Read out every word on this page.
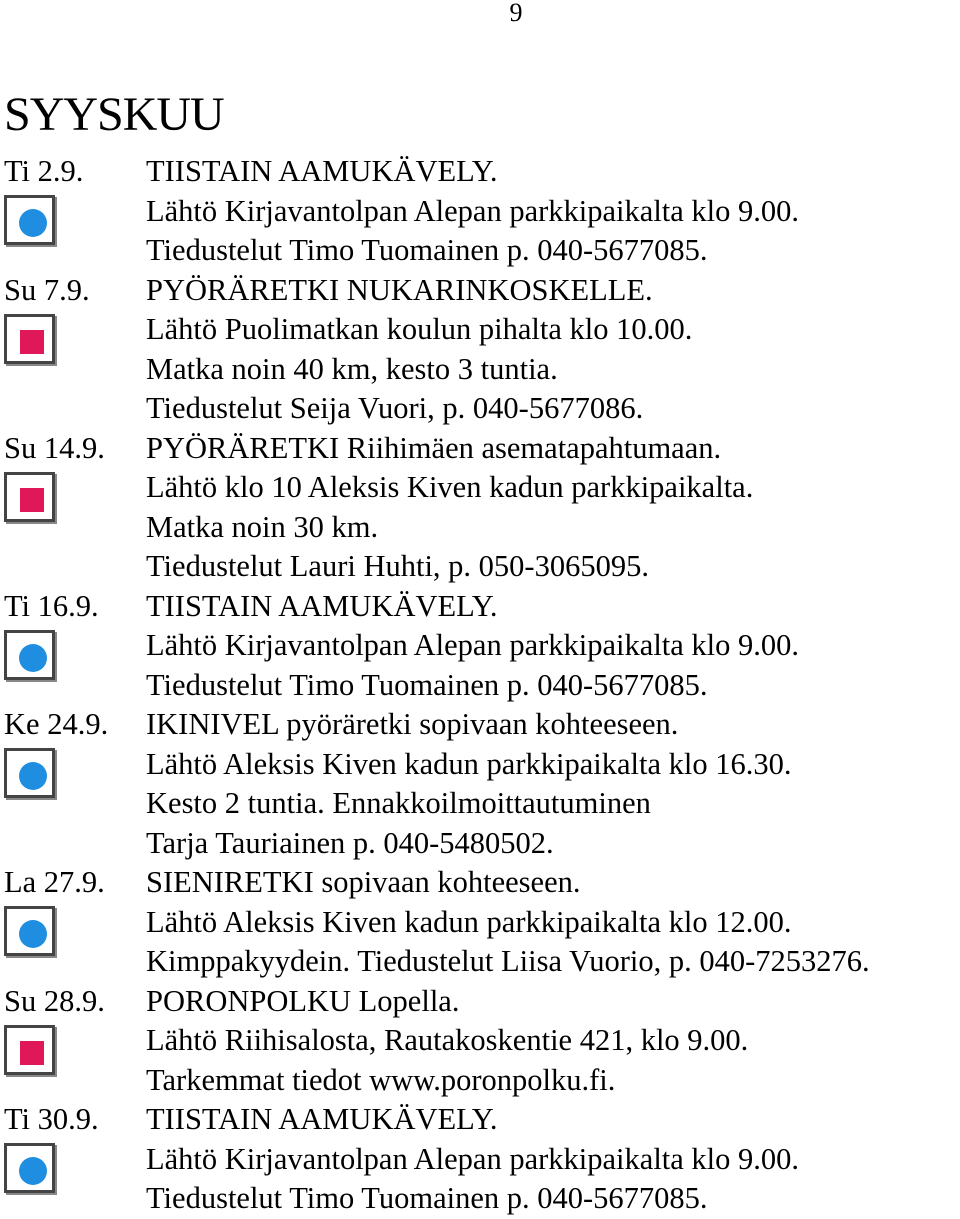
9
SYYSKUU
Ti 2.9. TIISTAIN AAMUKÄVELY.
Lähtö Kirjavantolpan Alepan parkkipaikalta klo 9.00.
Tiedustelut Timo Tuomainen p. 040-5677085.
Su 7.9. PYÖRÄRETKI NUKARINKOSKELLE.
Lähtö Puolimatkan koulun pihalta klo 10.00.
Matka noin 40 km, kesto 3 tuntia.
Tiedustelut Seija Vuori, p. 040-5677086.
Su 14.9. PYÖRÄRETKI Riihimäen asematapahtumaan.
Lähtö klo 10 Aleksis Kiven kadun parkkipaikalta.
Matka noin 30 km.
Tiedustelut Lauri Huhti, p. 050-3065095.
Ti 16.9. TIISTAIN AAMUKÄVELY.
Lähtö Kirjavantolpan Alepan parkkipaikalta klo 9.00.
Tiedustelut Timo Tuomainen p. 040-5677085.
Ke 24.9. IKINIVEL pyöräretki sopivaan kohteeseen.
Lähtö Aleksis Kiven kadun parkkipaikalta klo 16.30.
Kesto 2 tuntia. Ennakkoilmoittautuminen
Tarja Tauriainen p. 040-5480502.
La 27.9. SIENIRETKI sopivaan kohteeseen.
Lähtö Aleksis Kiven kadun parkkipaikalta klo 12.00.
Kimppakyydein. Tiedustelut Liisa Vuorio, p. 040-7253276.
Su 28.9. PORONPOLKU Lopella.
Lähtö Riihisalosta, Rautakoskentie 421, klo 9.00.
Tarkemmat tiedot www.poronpolku.fi.
Ti 30.9. TIISTAIN AAMUKÄVELY.
Lähtö Kirjavantolpan Alepan parkkipaikalta klo 9.00.
Tiedustelut Timo Tuomainen p. 040-5677085.
